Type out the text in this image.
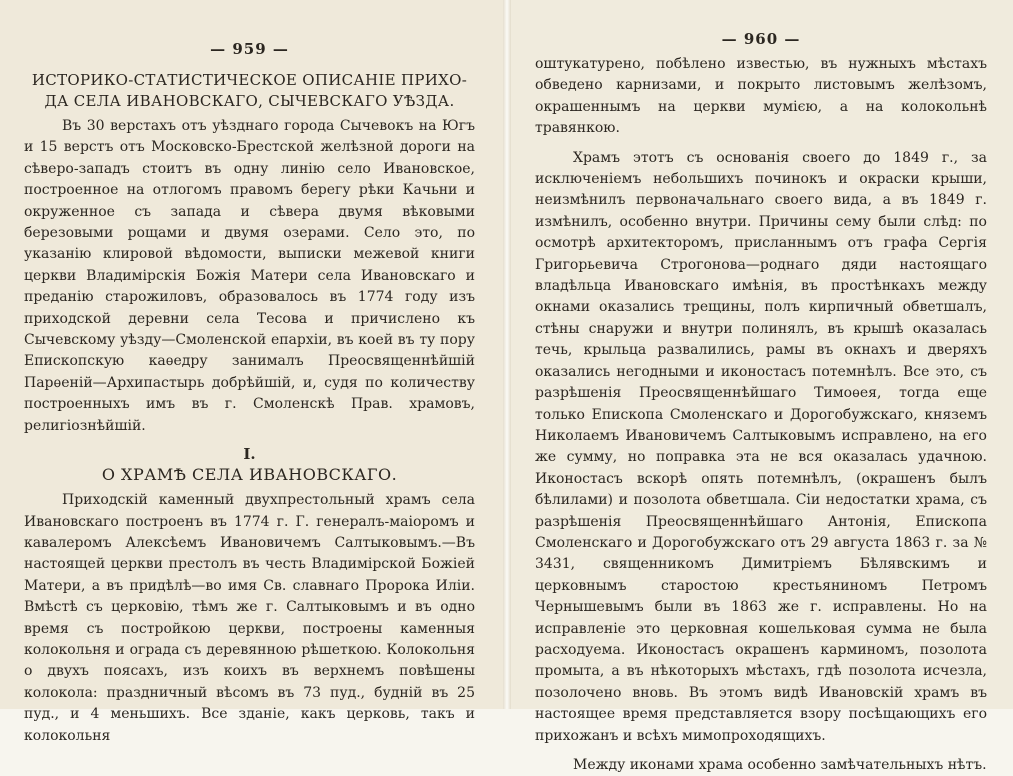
— 959 —
ИСТОРИКО-СТАТИСТИЧЕСКОЕ ОПИСАНІЕ ПРИХО-
ДА СЕЛА ИВАНОВСКАГО, СЫЧЕВСКАГО УѢЗДА.

Въ 30 верстахъ отъ уѣзднаго города Сычевокъ на Югъ и 15 верстъ отъ Московско-Брестской желѣзной дороги на сѣверо-западъ стоитъ въ одну линію село Ивановское, построенное на отлогомъ правомъ берегу рѣки Качьни и окруженное съ запада и сѣвера двумя вѣковыми березовыми рощами и двумя озерами. Село это, по указанію клировой вѣдомости, выписки межевой книги церкви Владимірскія Божія Матери села Ивановскаго и преданію старожиловъ, образовалось въ 1774 году изъ приходской деревни села Тесова и причислено къ Сычевскому уѣзду—Смоленской епархіи, въ коей въ ту пору Епископскую каѳедру занималъ Преосвященнѣйшій Парѳеній—Архипастырь добрѣйшій, и, судя по количеству построенныхъ имъ въ г. Смоленскѣ Прав. храмовъ, религіознѣйшій.

I.
О ХРАМѢ СЕЛА ИВАНОВСКАГО.

Приходскій каменный двухпрестольный храмъ села Ивановскаго построенъ въ 1774 г. Г. генералъ-маіоромъ и кавалеромъ Алексѣемъ Ивановичемъ Салтыковымъ.—Въ настоящей церкви престолъ въ честь Владимірской Божіей Матери, а въ придѣлѣ—во имя Св. славнаго Пророка Иліи. Вмѣстѣ съ церковію, тѣмъ же г. Салтыковымъ и въ одно время съ постройкою церкви, построены каменныя колокольня и ограда съ деревянною рѣшеткою. Колокольня о двухъ поясахъ, изъ коихъ въ верхнемъ повѣшены колокола: праздничный вѣсомъ въ 73 пуд., будній въ 25 пуд., и 4 меньшихъ. Все зданіе, какъ церковь, такъ и колокольня

— 960 —

оштукатурено, побѣлено известью, въ нужныхъ мѣстахъ обведено карнизами, и покрыто листовымъ желѣзомъ, окрашеннымъ на церкви мумією, а на колокольнѣ травянкою.

Храмъ этотъ съ основанія своего до 1849 г., за исключеніемъ небольшихъ починокъ и окраски крыши, неизмѣнилъ первоначальнаго своего вида, а въ 1849 г. измѣнилъ, особенно внутри. Причины сему были слѣд: по осмотрѣ архитекторомъ, присланнымъ отъ графа Сергія Григорьевича Строгонова—роднаго дяди настоящаго владѣльца Ивановскаго имѣнія, въ простѣнкахъ между окнами оказались трещины, полъ кирпичный обветшалъ, стѣны снаружи и внутри полинялъ, въ крышѣ оказалась течь, крыльца развалились, рамы въ окнахъ и дверяхъ оказались негодными и иконостасъ потемнѣлъ. Все это, съ разрѣшенія Преосвященнѣйшаго Тимоѳея, тогда еще только Епископа Смоленскаго и Дорогобужскаго, княземъ Николаемъ Ивановичемъ Салтыковымъ исправлено, на его же сумму, но поправка эта не вся оказалась удачною. Иконостасъ вскорѣ опять потемнѣлъ, (окрашенъ былъ бѣлилами) и позолота обветшала. Сіи недостатки храма, съ разрѣшенія Преосвященнѣйшаго Антонія, Епископа Смоленскаго и Дорогобужскаго отъ 29 августа 1863 г. за № 3431, священникомъ Димитріемъ Бѣлявскимъ и церковнымъ старостою крестьяниномъ Петромъ Чернышевымъ были въ 1863 же г. исправлены. Но на исправленіе это церковная кошельковая сумма не была расходуема. Иконостасъ окрашенъ карминомъ, позолота промыта, а въ нѣкоторыхъ мѣстахъ, гдѣ позолота исчезла, позолочено вновь. Въ этомъ видѣ Ивановскій храмъ въ настоящее время представляется взору посѣщающихъ его прихожанъ и всѣхъ мимопроходящихъ.

Между иконами храма особенно замѣчательныхъ нѣтъ.
